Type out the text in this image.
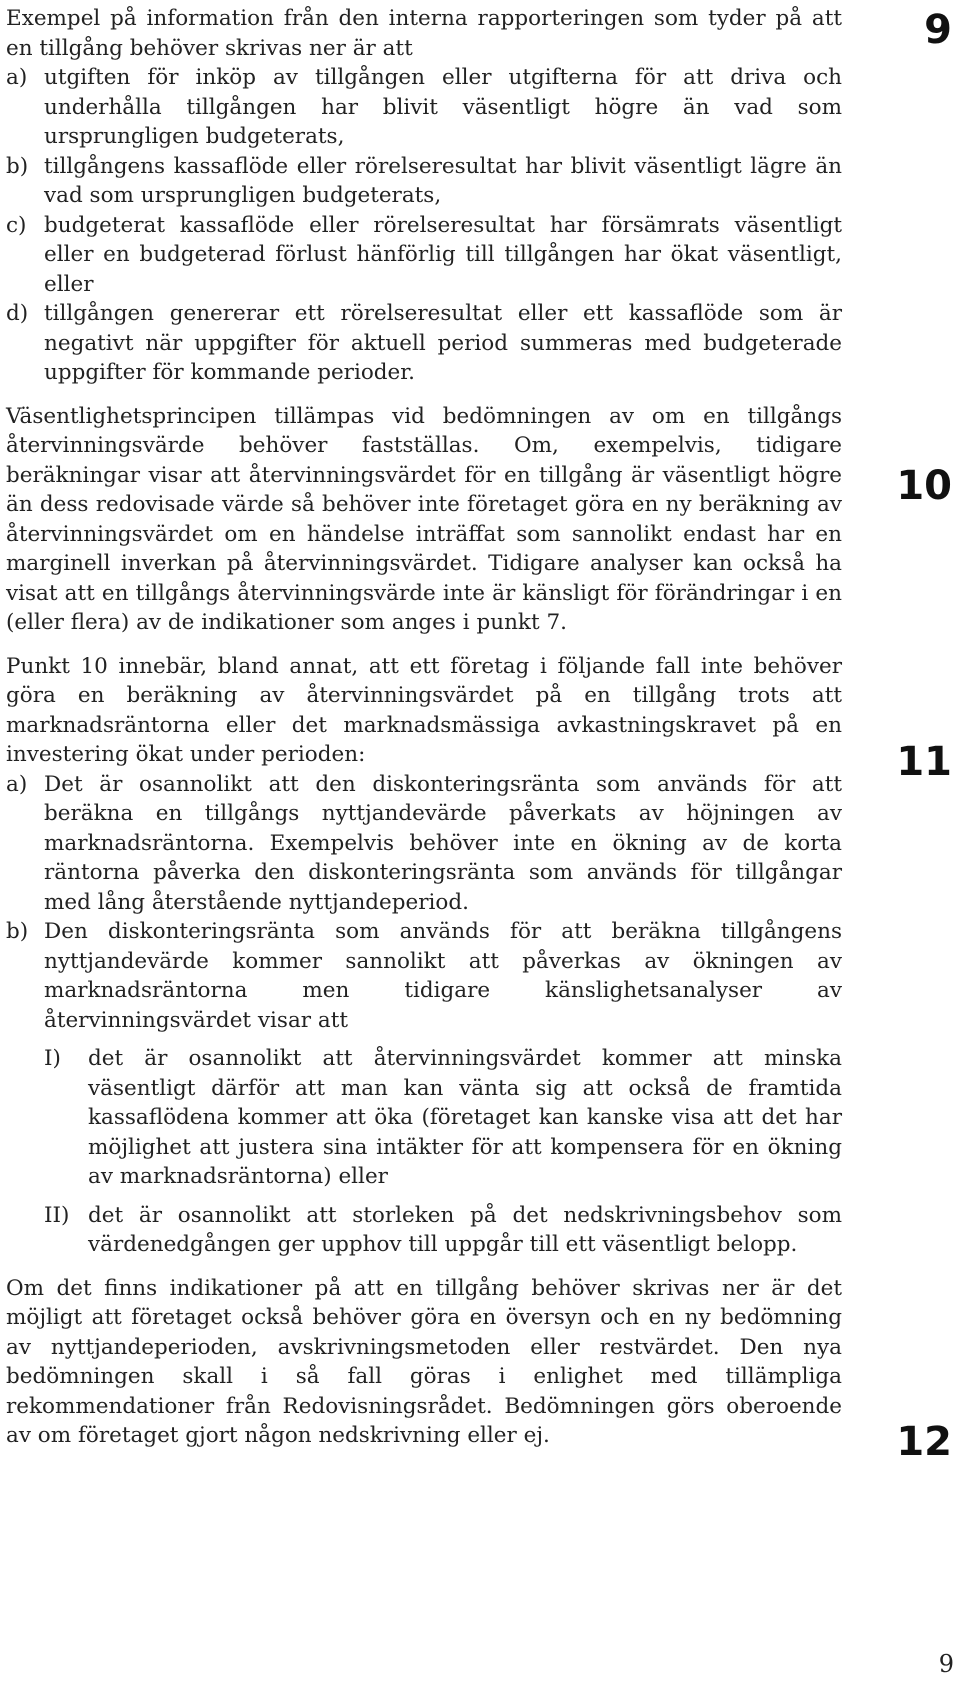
Exempel på information från den interna rapporteringen som tyder på att en tillgång behöver skrivas ner är att

a) utgiften för inköp av tillgången eller utgifterna för att driva och underhålla tillgången har blivit väsentligt högre än vad som ursprungligen budgeterats,
b) tillgångens kassaflöde eller rörelseresultat har blivit väsentligt lägre än vad som ursprungligen budgeterats,
c) budgeterat kassaflöde eller rörelseresultat har försämrats väsentligt eller en budgeterad förlust hänförlig till tillgången har ökat väsentligt, eller
d) tillgången genererar ett rörelseresultat eller ett kassaflöde som är negativt när uppgifter för aktuell period summeras med budgeterade uppgifter för kommande perioder.

Väsentlighetsprincipen tillämpas vid bedömningen av om en tillgångs återvinningsvärde behöver fastställas. Om, exempelvis, tidigare beräkningar visar att återvinningsvärdet för en tillgång är väsentligt högre än dess redovisade värde så behöver inte företaget göra en ny beräkning av återvinningsvärdet om en händelse inträffat som sannolikt endast har en marginell inverkan på återvinningsvärdet. Tidigare analyser kan också ha visat att en tillgångs återvinningsvärde inte är känsligt för förändringar i en (eller flera) av de indikationer som anges i punkt 7.

Punkt 10 innebär, bland annat, att ett företag i följande fall inte behöver göra en beräkning av återvinningsvärdet på en tillgång trots att marknadsräntorna eller det marknadsmässiga avkastningskravet på en investering ökat under perioden:

a) Det är osannolikt att den diskonteringsränta som används för att beräkna en tillgångs nyttjandevärde påverkats av höjningen av marknadsräntorna. Exempelvis behöver inte en ökning av de korta räntorna påverka den diskonteringsränta som används för tillgångar med lång återstående nyttjandeperiod.
b) Den diskonteringsränta som används för att beräkna tillgångens nyttjandevärde kommer sannolikt att påverkas av ökningen av marknadsräntorna men tidigare känslighetsanalyser av återvinningsvärdet visar att
I)	det är osannolikt att återvinningsvärdet kommer att minska väsentligt därför att man kan vänta sig att också de framtida kassaflödena kommer att öka (företaget kan kanske visa att det har möjlighet att justera sina intäkter för att kompensera för en ökning av marknadsräntorna) eller
II) det är osannolikt att storleken på det nedskrivningsbehov som värdenedgången ger upphov till uppgår till ett väsentligt belopp.

Om det finns indikationer på att en tillgång behöver skrivas ner är det möjligt att företaget också behöver göra en översyn och en ny bedömning av nyttjandeperioden, avskrivningsmetoden eller restvärdet. Den nya bedömningen skall i så fall göras i enlighet med tillämpliga rekommendationer från Redovisningsrådet. Bedömningen görs oberoende av om företaget gjort någon nedskrivning eller ej.

9
10
11
12
9
